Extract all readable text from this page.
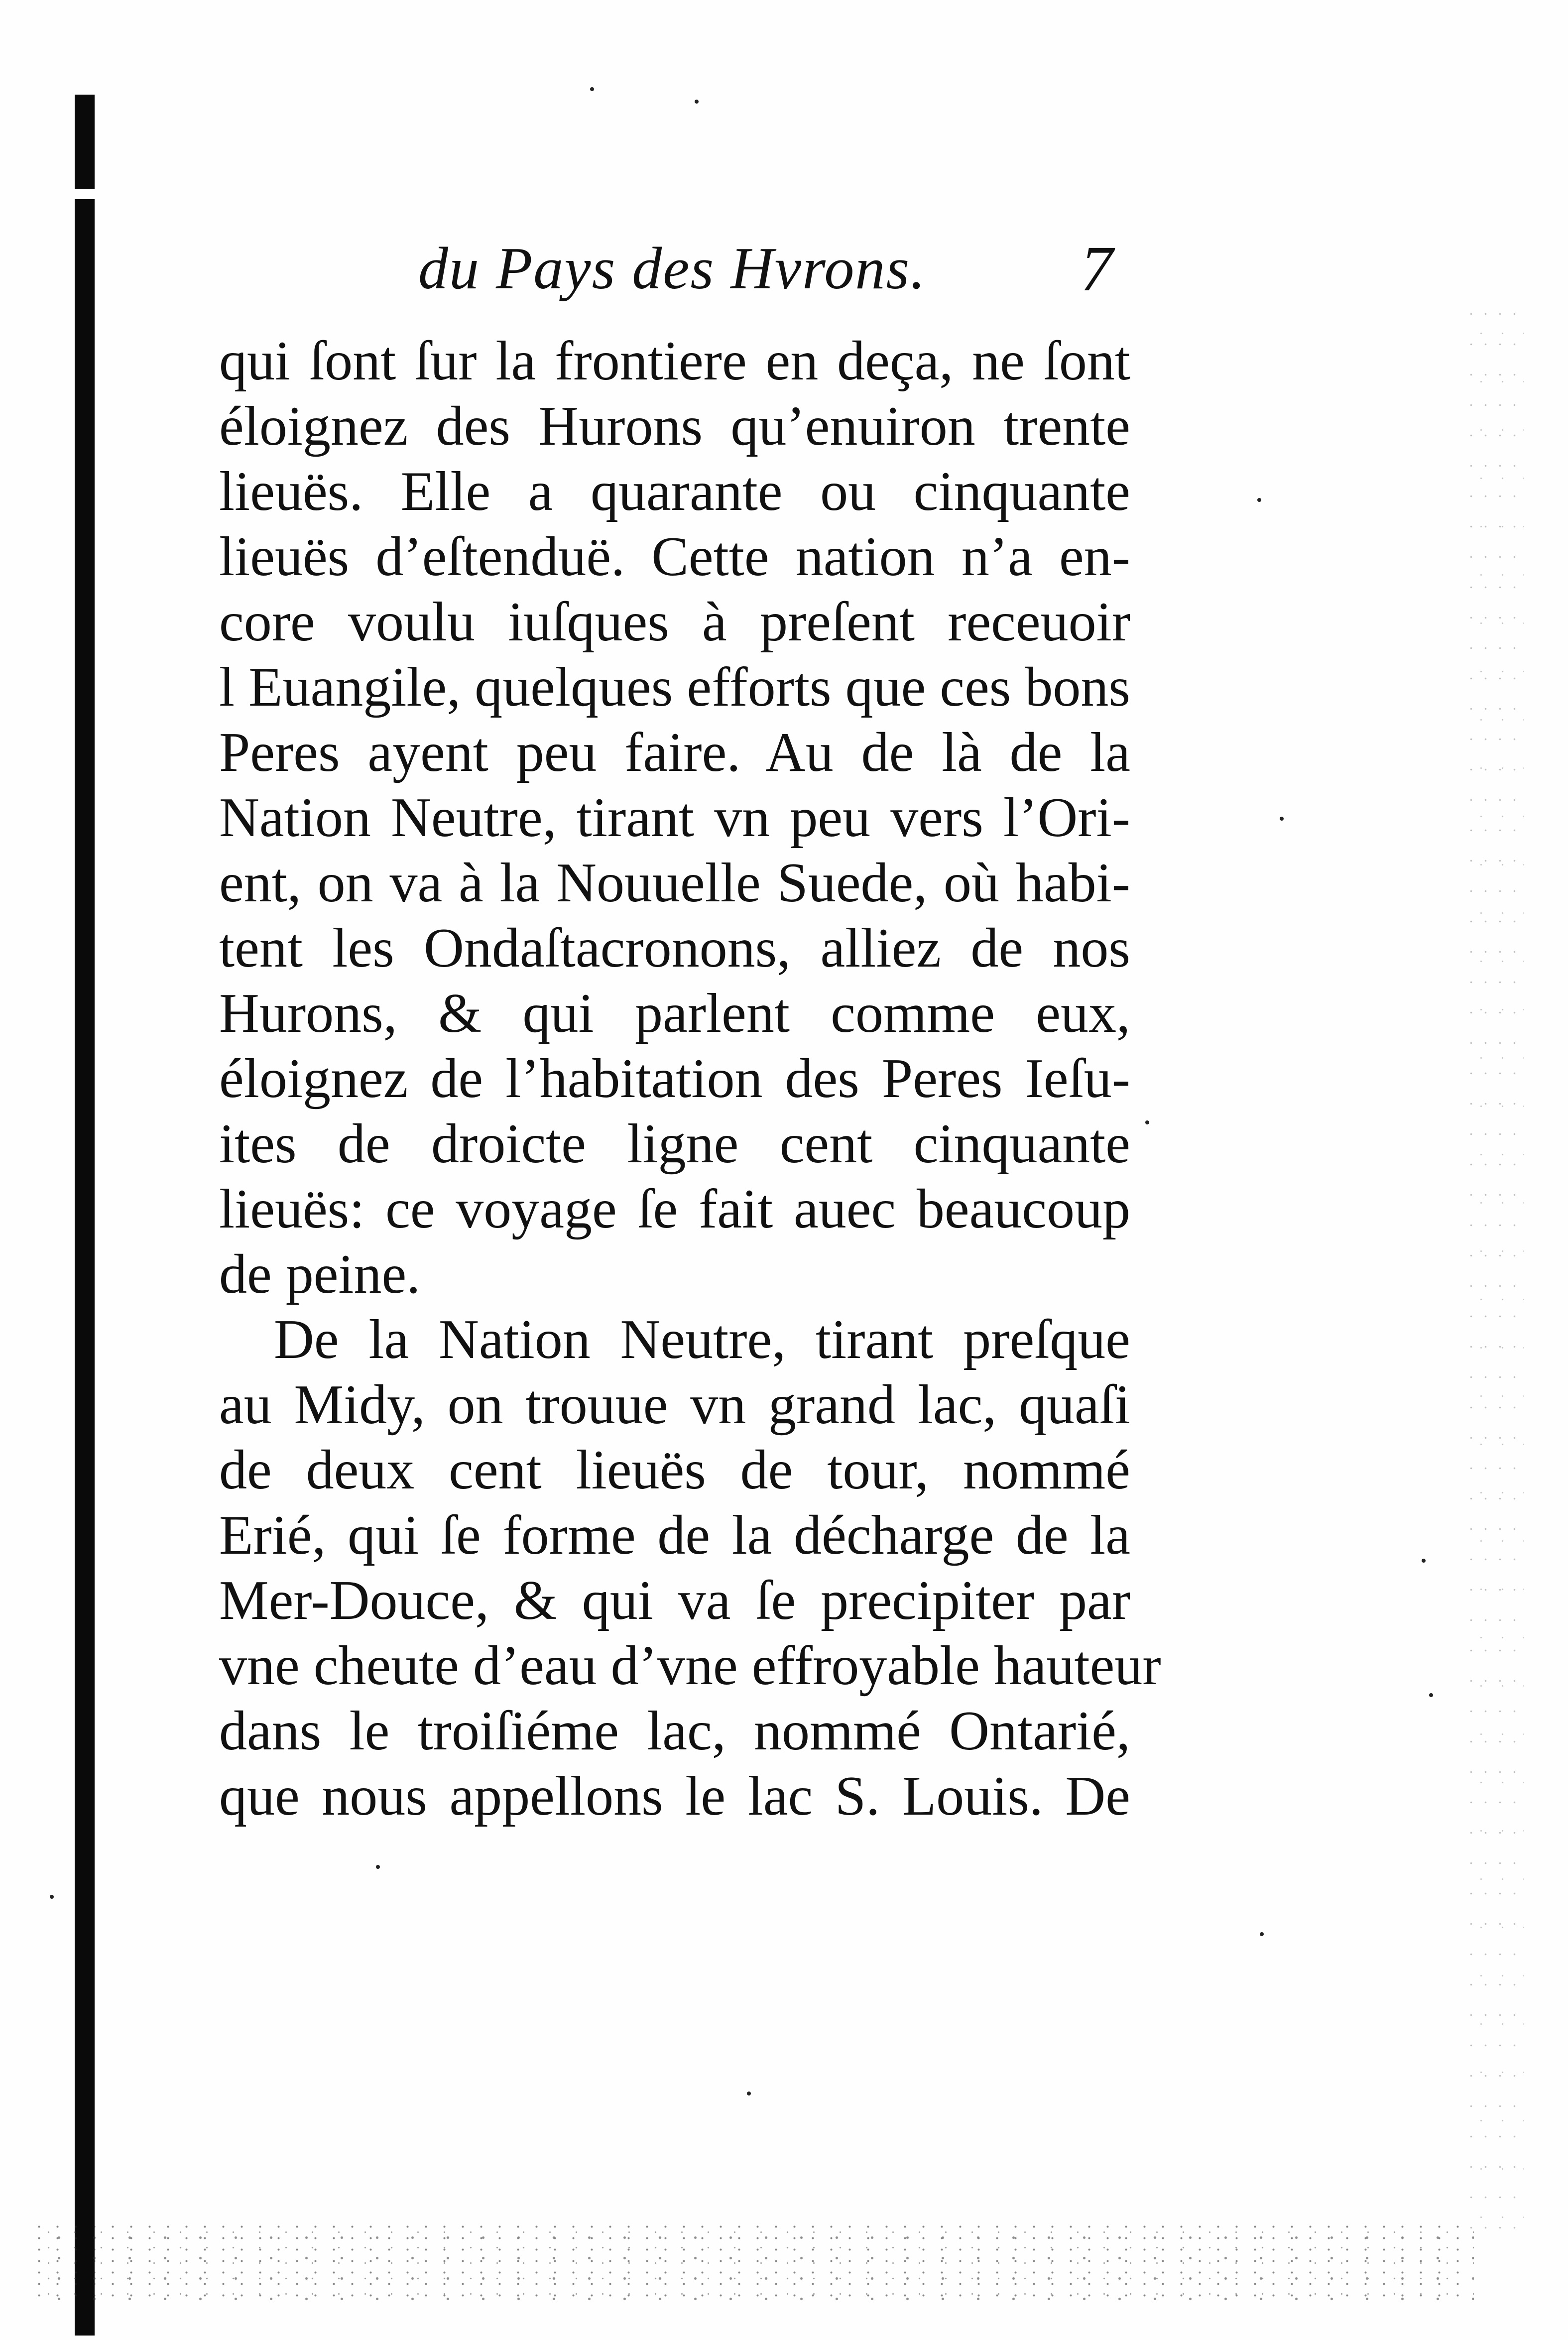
du Pays des Hvrons. 7
qui ſont ſur la frontiere en deça, ne ſont
éloignez des Hurons qu’enuiron trente
lieuës. Elle a quarante ou cinquante
lieuës d’eſtenduë. Cette nation n’a en-
core voulu iuſques à preſent receuoir
l Euangile, quelques efforts que ces bons
Peres ayent peu faire. Au de là de la
Nation Neutre, tirant vn peu vers l’Ori-
ent, on va à la Nouuelle Suede, où habi-
tent les Ondaſtacronons, alliez de nos
Hurons, & qui parlent comme eux,
éloignez de l’habitation des Peres Ieſu-
ites de droicte ligne cent cinquante
lieuës: ce voyage ſe fait auec beaucoup
de peine.
De la Nation Neutre, tirant preſque
au Midy, on trouue vn grand lac, quaſi
de deux cent lieuës de tour, nommé
Erié, qui ſe forme de la décharge de la
Mer-Douce, & qui va ſe precipiter par
vne cheute d’eau d’vne effroyable hauteur
dans le troiſiéme lac, nommé Ontarié,
que nous appellons le lac S. Louis. De
